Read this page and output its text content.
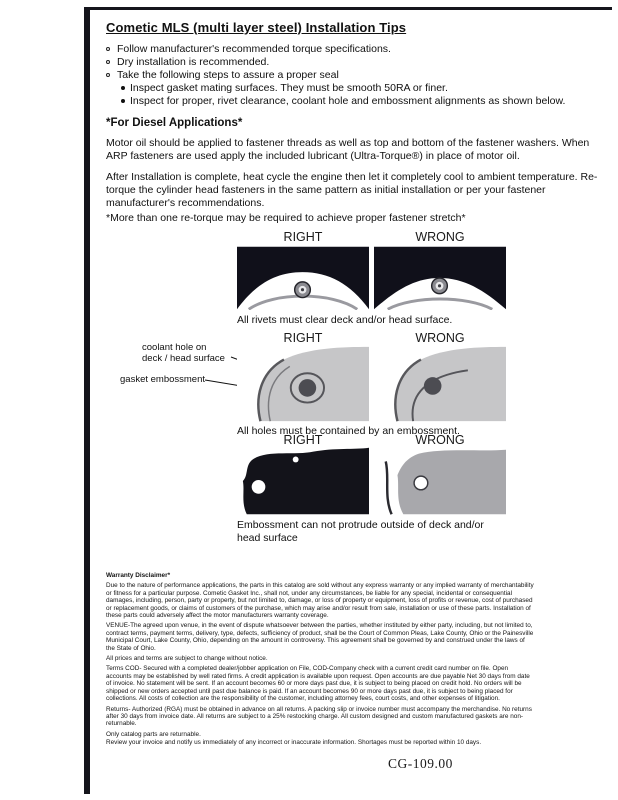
Cometic MLS (multi layer steel) Installation Tips
Follow manufacturer's recommended torque specifications.
Dry installation is recommended.
Take the following steps to assure a proper seal
Inspect gasket mating surfaces. They must be smooth 50RA or finer.
Inspect for proper, rivet clearance, coolant hole and embossment alignments as shown below.
*For Diesel Applications*

Motor oil should be applied to fastener threads as well as top and bottom of the fastener washers. When ARP fasteners are used apply the included lubricant (Ultra-Torque®) in place of motor oil.

After Installation is complete, heat cycle the engine then let it completely cool to ambient temperature. Re-torque the cylinder head fasteners in the same pattern as initial installation or per your fastener manufacturer's recommendations.

*More than one re-torque may be required to achieve proper fastener stretch*

RIGHT	WRONG

All rivets must clear deck and/or head surface.

RIGHT	WRONG
coolant hole on
deck / head surface
gasket embossment

All holes must be contained by an embossment.

RIGHT	WRONG

Embossment can not protrude outside of deck and/or head surface

Warranty Disclaimer*

Due to the nature of performance applications, the parts in this catalog are sold without any express warranty or any implied warranty of merchantability or fitness for a particular purpose. Cometic Gasket Inc., shall not, under any circumstances, be liable for any special, incidental or consequential damages, including, person, party or property, but not limited to, damage, or loss of property or equipment, loss of profits or revenue, cost of purchased or replacement goods, or claims of customers of the purchase, which may arise and/or result from sale, installation or use of these parts. Installation of these parts could adversely affect the motor manufacturers warranty coverage.

VENUE-The agreed upon venue, in the event of dispute whatsoever between the parties, whether instituted by either party, including, but not limited to, contract terms, payment terms, delivery, type, defects, sufficiency of product, shall be the Court of Common Pleas, Lake County, Ohio or the Painesville Municipal Court, Lake County, Ohio, depending on the amount in controversy. This agreement shall be governed by and construed under the laws of the State of Ohio.

All prices and terms are subject to change without notice.

Terms COD- Secured with a completed dealer/jobber application on File, COD-Company check with a current credit card number on file. Open accounts may be established by well rated firms. A credit application is available upon request. Open accounts are due payable Net 30 days from date of invoice. No statement will be sent. If an account becomes 60 or more days past due, it is subject to being placed on credit hold. No orders will be shipped or new orders accepted until past due balance is paid. If an account becomes 90 or more days past due, it is subject to being placed for collections. All costs of collection are the responsibility of the customer, including attorney fees, court costs, and other expenses of litigation.

Returns- Authorized (RGA) must be obtained in advance on all returns. A packing slip or invoice number must accompany the merchandise. No returns after 30 days from invoice date. All returns are subject to a 25% restocking charge. All custom designed and custom manufactured gaskets are non-returnable.

Only catalog parts are returnable.

Review your invoice and notify us immediately of any incorrect or inaccurate information. Shortages must be reported within 10 days.

CG-109.00
